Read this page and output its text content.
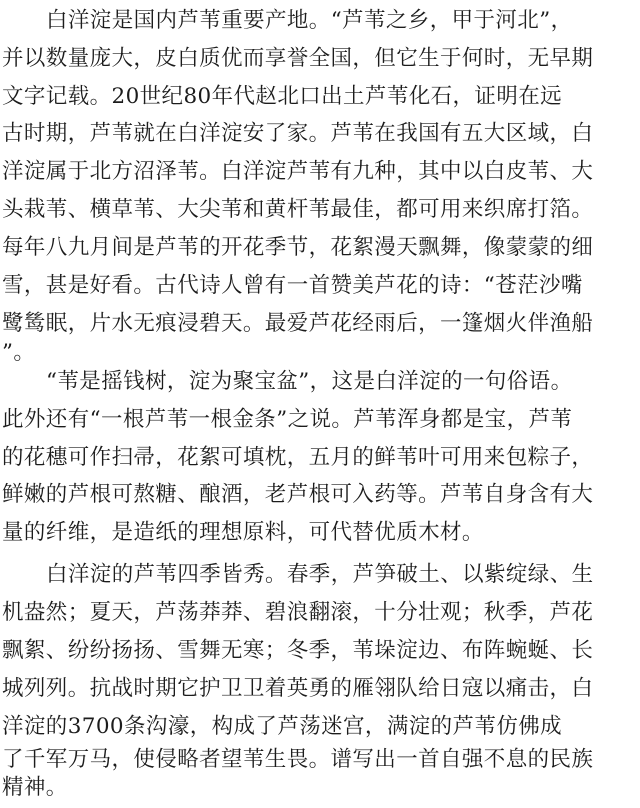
白洋淀是国内芦苇重要产地。“芦苇之乡，甲于河北”，
并以数量庞大，皮白质优而享誉全国，但它生于何时，无早期
文字记载。20世纪80年代赵北口出土芦苇化石，证明在远
古时期，芦苇就在白洋淀安了家。芦苇在我国有五大区域，白
洋淀属于北方沼泽苇。白洋淀芦苇有九种，其中以白皮苇、大
头栽苇、横草苇、大尖苇和黄杆苇最佳，都可用来织席打箔。
每年八九月间是芦苇的开花季节，花絮漫天飘舞，像蒙蒙的细
雪，甚是好看。古代诗人曾有一首赞美芦花的诗：“苍茫沙嘴
鹭鸶眠，片水无痕浸碧天。最爱芦花经雨后，一篷烟火伴渔船
”。
“苇是摇钱树，淀为聚宝盆”，这是白洋淀的一句俗语。
此外还有“一根芦苇一根金条”之说。芦苇浑身都是宝，芦苇
的花穗可作扫帚，花絮可填枕，五月的鲜苇叶可用来包粽子，
鲜嫩的芦根可熬糖、酿酒，老芦根可入药等。芦苇自身含有大
量的纤维，是造纸的理想原料，可代替优质木材。
白洋淀的芦苇四季皆秀。春季，芦笋破土、以紫绽绿、生
机盎然；夏天，芦荡莽莽、碧浪翻滚，十分壮观；秋季，芦花
飘絮、纷纷扬扬、雪舞无寒；冬季，苇垛淀边、布阵蜿蜒、长
城列列。抗战时期它护卫卫着英勇的雁翎队给日寇以痛击，白
洋淀的3700条沟濠，构成了芦荡迷宫，满淀的芦苇仿佛成
了千军万马，使侵略者望苇生畏。谱写出一首自强不息的民族
精神。
